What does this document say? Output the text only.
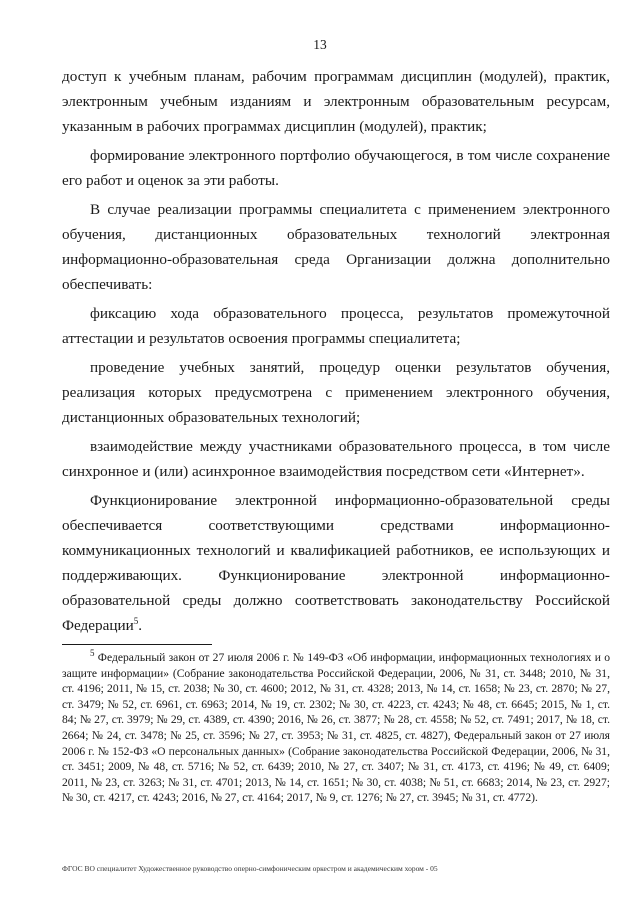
13

доступ к учебным планам, рабочим программам дисциплин (модулей), практик, электронным учебным изданиям и электронным образовательным ресурсам, указанным в рабочих программах дисциплин (модулей), практик;

формирование электронного портфолио обучающегося, в том числе сохранение его работ и оценок за эти работы.

В случае реализации программы специалитета с применением электронного обучения, дистанционных образовательных технологий электронная информационно-образовательная среда Организации должна дополнительно обеспечивать:

фиксацию хода образовательного процесса, результатов промежуточной аттестации и результатов освоения программы специалитета;

проведение учебных занятий, процедур оценки результатов обучения, реализация которых предусмотрена с применением электронного обучения, дистанционных образовательных технологий;

взаимодействие между участниками образовательного процесса, в том числе синхронное и (или) асинхронное взаимодействия посредством сети «Интернет».

Функционирование электронной информационно-образовательной среды обеспечивается соответствующими средствами информационно-коммуникационных технологий и квалификацией работников, ее использующих и поддерживающих. Функционирование электронной информационно-образовательной среды должно соответствовать законодательству Российской Федерации$^5$.

$^5$ Федеральный закон от 27 июля 2006 г. № 149-ФЗ «Об информации, информационных технологиях и о защите информации» (Собрание законодательства Российской Федерации, 2006, № 31, ст. 3448; 2010, № 31, ст. 4196; 2011, № 15, ст. 2038; № 30, ст. 4600; 2012, № 31, ст. 4328; 2013, № 14, ст. 1658; № 23, ст. 2870; № 27, ст. 3479; № 52, ст. 6961, ст. 6963; 2014, № 19, ст. 2302; № 30, ст. 4223, ст. 4243; № 48, ст. 6645; 2015, № 1, ст. 84; № 27, ст. 3979; № 29, ст. 4389, ст. 4390; 2016, № 26, ст. 3877; № 28, ст. 4558; № 52, ст. 7491; 2017, № 18, ст. 2664; № 24, ст. 3478; № 25, ст. 3596; № 27, ст. 3953; № 31, ст. 4825, ст. 4827), Федеральный закон от 27 июля 2006 г. № 152-ФЗ «О персональных данных» (Собрание законодательства Российской Федерации, 2006, № 31, ст. 3451; 2009, № 48, ст. 5716; № 52, ст. 6439; 2010, № 27, ст. 3407; № 31, ст. 4173, ст. 4196; № 49, ст. 6409; 2011, № 23, ст. 3263; № 31, ст. 4701; 2013, № 14, ст. 1651; № 30, ст. 4038; № 51, ст. 6683; 2014, № 23, ст. 2927; № 30, ст. 4217, ст. 4243; 2016, № 27, ст. 4164; 2017, № 9, ст. 1276; № 27, ст. 3945; № 31, ст. 4772).

ФГОС ВО специалитет Художественное руководство оперно-симфоническим оркестром и академическим хором - 05
